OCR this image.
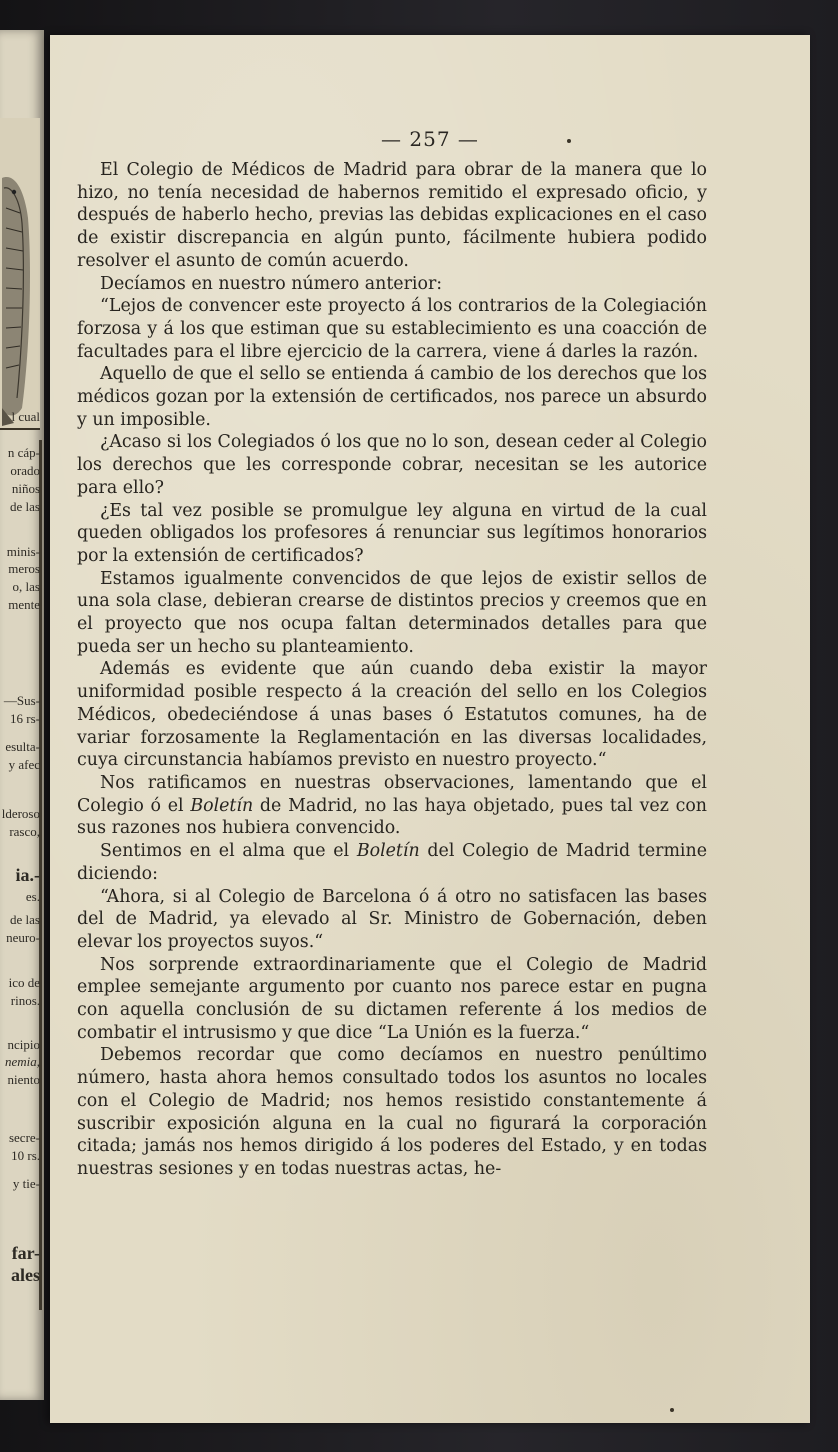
l cual
n cáp-
orado
niños
de las
minis-
meros
o, las
mente
—Sus-
16 rs-
esulta-
y afec
lderoso
rasco,
ia.-
es.
de las
neuro-
ico de
rinos.
ncipio
nemia,
niento
secre-
10 rs.
y tie-
far-
ales
— 257 —

El Colegio de Médicos de Madrid para obrar de la manera que lo hizo, no tenía necesidad de habernos remitido el expresado oficio, y después de haberlo hecho, previas las debidas explicaciones en el caso de existir discrepancia en algún punto, fácilmente hubiera podido resolver el asunto de común acuerdo.

Decíamos en nuestro número anterior:

“Lejos de convencer este proyecto á los contrarios de la Colegiación forzosa y á los que estiman que su establecimiento es una coacción de facultades para el libre ejercicio de la carrera, viene á darles la razón.

Aquello de que el sello se entienda á cambio de los derechos que los médicos gozan por la extensión de certificados, nos parece un absurdo y un imposible.

¿Acaso si los Colegiados ó los que no lo son, desean ceder al Colegio los derechos que les corresponde cobrar, necesitan se les autorice para ello?

¿Es tal vez posible se promulgue ley alguna en virtud de la cual queden obligados los profesores á renunciar sus legítimos honorarios por la extensión de certificados?

Estamos igualmente convencidos de que lejos de existir sellos de una sola clase, debieran crearse de distintos precios y creemos que en el proyecto que nos ocupa faltan determinados detalles para que pueda ser un hecho su planteamiento.

Además es evidente que aún cuando deba existir la mayor uniformidad posible respecto á la creación del sello en los Colegios Médicos, obedeciéndose á unas bases ó Estatutos comunes, ha de variar forzosamente la Reglamentación en las diversas localidades, cuya circunstancia habíamos previsto en nuestro proyecto.“

Nos ratificamos en nuestras observaciones, lamentando que el Colegio ó el Boletín de Madrid, no las haya objetado, pues tal vez con sus razones nos hubiera convencido.

Sentimos en el alma que el Boletín del Colegio de Madrid termine diciendo:

“Ahora, si al Colegio de Barcelona ó á otro no satisfacen las bases del de Madrid, ya elevado al Sr. Ministro de Gobernación, deben elevar los proyectos suyos.“

Nos sorprende extraordinariamente que el Colegio de Madrid emplee semejante argumento por cuanto nos parece estar en pugna con aquella conclusión de su dictamen referente á los medios de combatir el intrusismo y que dice “La Unión es la fuerza.“

Debemos recordar que como decíamos en nuestro penúltimo número, hasta ahora hemos consultado todos los asuntos no locales con el Colegio de Madrid; nos hemos resistido constantemente á suscribir exposición alguna en la cual no figurará la corporación citada; jamás nos hemos dirigido á los poderes del Estado, y en todas nuestras sesiones y en todas nuestras actas, he-
